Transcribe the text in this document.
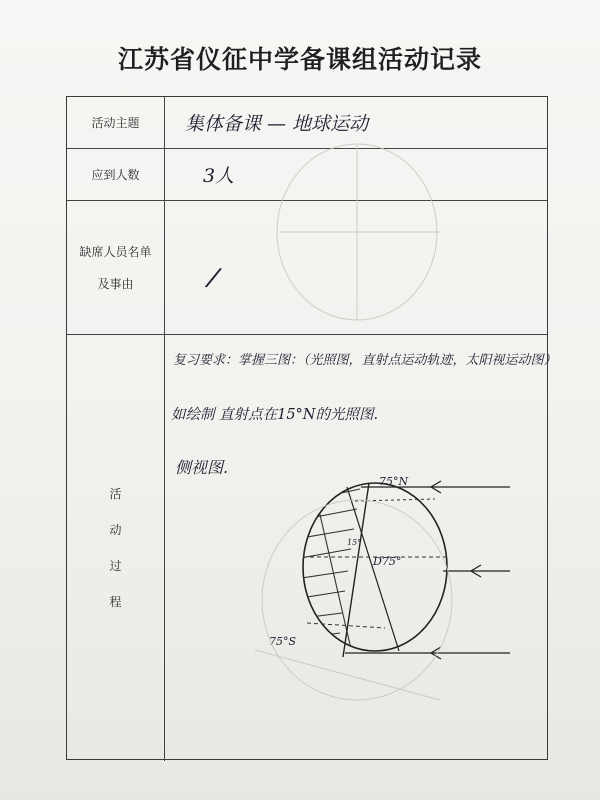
江苏省仪征中学备课组活动记录
活动主题 集体备课 — 地球运动
应到人数	3人
缺席人员名单
及事由	/
活
动
过
程
复习要求：掌握三图：（光照图，直射点运动轨迹，太阳视运动图）
如绘制 直射点在15°N的光照图.
侧视图.
75°N
D75°
75°S
15°
